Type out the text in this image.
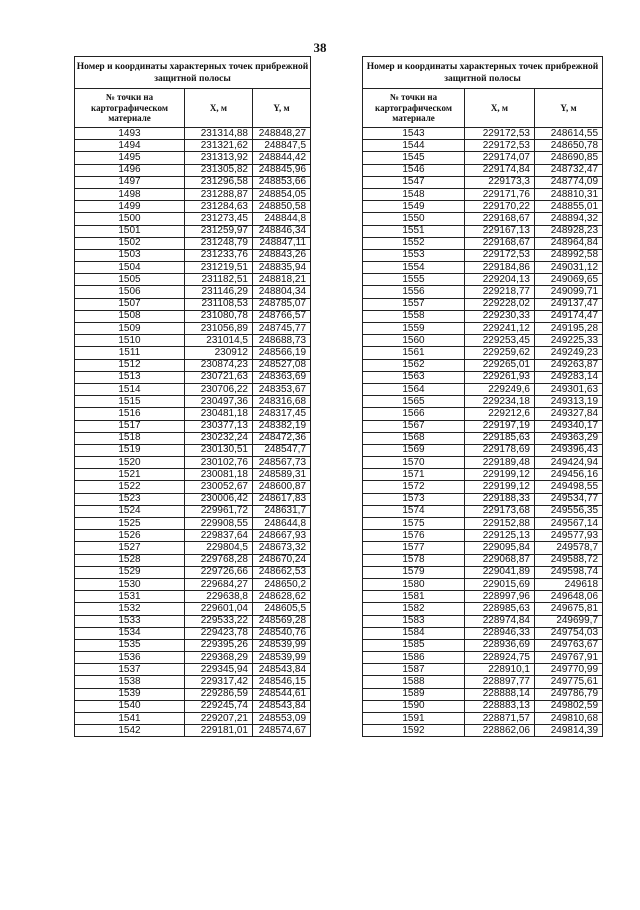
38
Номер и координаты характерных точек прибрежной защитной полосы		
№ точки на картографическом материале	X, м	Y, м
1493	231314,88	248848,27
1494	231321,62	248847,5
1495	231313,92	248844,42
1496	231305,82	248845,96
1497	231296,58	248853,66
1498	231288,87	248854,05
1499	231284,63	248850,58
1500	231273,45	248844,8
1501	231259,97	248846,34
1502	231248,79	248847,11
1503	231233,76	248843,26
1504	231219,51	248835,94
1505	231182,51	248818,21
1506	231146,29	248804,34
1507	231108,53	248785,07
1508	231080,78	248766,57
1509	231056,89	248745,77
1510	231014,5	248688,73
1511	230912	248566,19
1512	230874,23	248527,08
1513	230721,63	248363,69
1514	230706,22	248353,67
1515	230497,36	248316,68
1516	230481,18	248317,45
1517	230377,13	248382,19
1518	230232,24	248472,36
1519	230130,51	248547,7
1520	230102,76	248567,73
1521	230081,18	248589,31
1522	230052,67	248600,87
1523	230006,42	248617,83
1524	229961,72	248631,7
1525	229908,55	248644,8
1526	229837,64	248667,93
1527	229804,5	248673,32
1528	229768,28	248670,24
1529	229726,66	248662,53
1530	229684,27	248650,2
1531	229638,8	248628,62
1532	229601,04	248605,5
1533	229533,22	248569,28
1534	229423,78	248540,76
1535	229395,26	248539,99
1536	229368,29	248539,99
1537	229345,94	248543,84
1538	229317,42	248546,15
1539	229286,59	248544,61
1540	229245,74	248543,84
1541	229207,21	248553,09
1542	229181,01	248574,67
Номер и координаты характерных точек прибрежной защитной полосы		
№ точки на картографическом материале	X, м	Y, м
1543	229172,53	248614,55
1544	229172,53	248650,78
1545	229174,07	248690,85
1546	229174,84	248732,47
1547	229173,3	248774,09
1548	229171,76	248810,31
1549	229170,22	248855,01
1550	229168,67	248894,32
1551	229167,13	248928,23
1552	229168,67	248964,84
1553	229172,53	248992,58
1554	229184,86	249031,12
1555	229204,13	249069,65
1556	229218,77	249099,71
1557	229228,02	249137,47
1558	229230,33	249174,47
1559	229241,12	249195,28
1560	229253,45	249225,33
1561	229259,62	249249,23
1562	229265,01	249263,87
1563	229261,93	249283,14
1564	229249,6	249301,63
1565	229234,18	249313,19
1566	229212,6	249327,84
1567	229197,19	249340,17
1568	229185,63	249363,29
1569	229178,69	249396,43
1570	229189,48	249424,94
1571	229199,12	249456,16
1572	229199,12	249498,55
1573	229188,33	249534,77
1574	229173,68	249556,35
1575	229152,88	249567,14
1576	229125,13	249577,93
1577	229095,84	249578,7
1578	229068,87	249588,72
1579	229041,89	249598,74
1580	229015,69	249618
1581	228997,96	249648,06
1582	228985,63	249675,81
1583	228974,84	249699,7
1584	228946,33	249754,03
1585	228936,69	249763,67
1586	228924,75	249767,91
1587	228910,1	249770,99
1588	228897,77	249775,61
1589	228888,14	249786,79
1590	228883,13	249802,59
1591	228871,57	249810,68
1592	228862,06	249814,39
